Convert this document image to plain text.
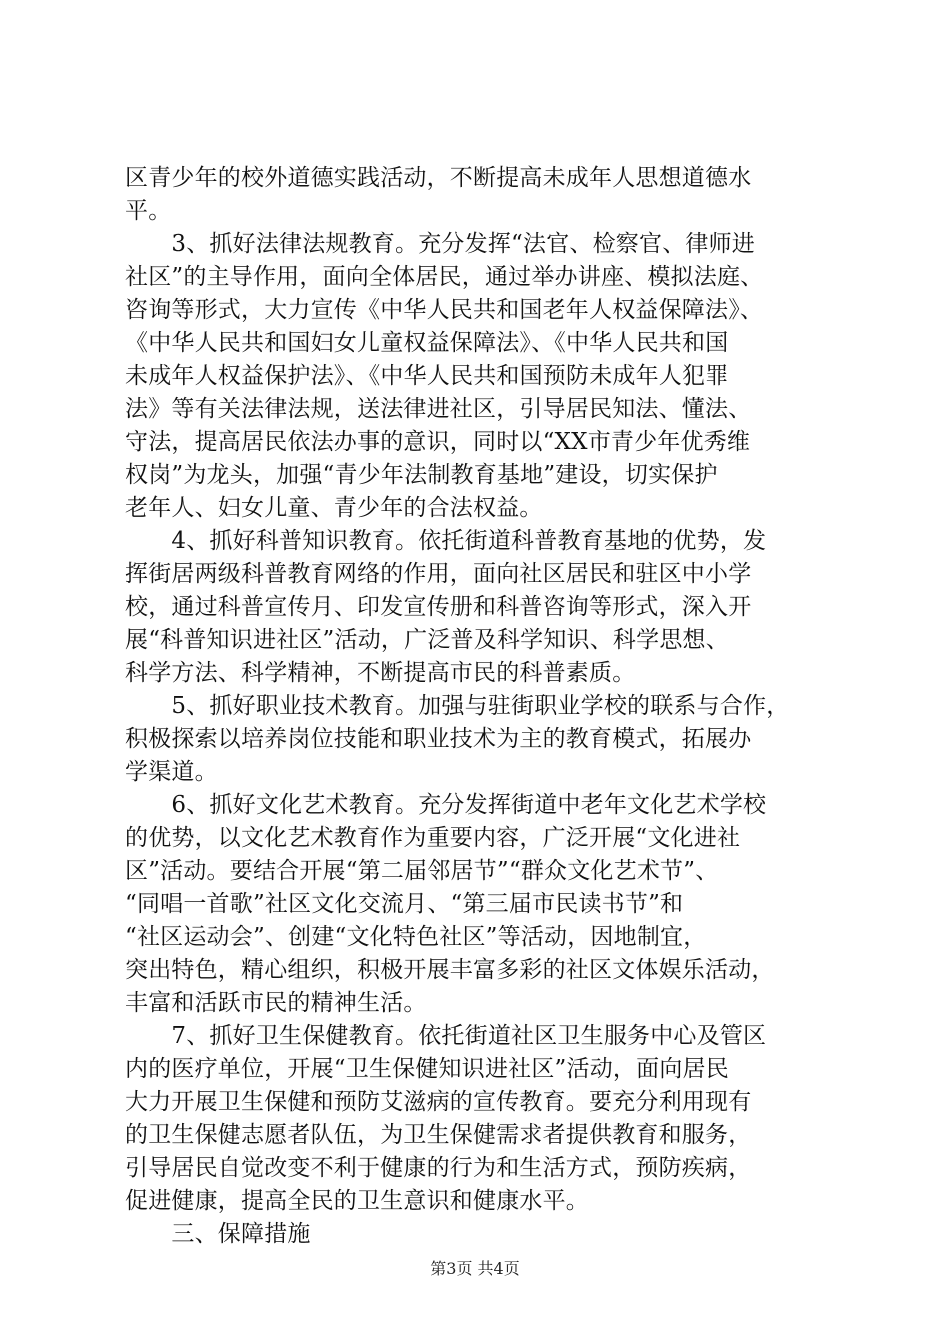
区青少年的校外道德实践活动，不断提高未成年人思想道德水
平。
　　3、抓好法律法规教育。充分发挥“法官、检察官、律师进
社区”的主导作用，面向全体居民，通过举办讲座、模拟法庭、
咨询等形式，大力宣传《中华人民共和国老年人权益保障法》、
《中华人民共和国妇女儿童权益保障法》、《中华人民共和国
未成年人权益保护法》、《中华人民共和国预防未成年人犯罪
法》等有关法律法规，送法律进社区，引导居民知法、懂法、
守法，提高居民依法办事的意识，同时以“XX市青少年优秀维
权岗”为龙头，加强“青少年法制教育基地”建设，切实保护
老年人、妇女儿童、青少年的合法权益。
　　4、抓好科普知识教育。依托街道科普教育基地的优势，发
挥街居两级科普教育网络的作用，面向社区居民和驻区中小学
校，通过科普宣传月、印发宣传册和科普咨询等形式，深入开
展“科普知识进社区”活动，广泛普及科学知识、科学思想、
科学方法、科学精神，不断提高市民的科普素质。
　　5、抓好职业技术教育。加强与驻街职业学校的联系与合作，
积极探索以培养岗位技能和职业技术为主的教育模式，拓展办
学渠道。
　　6、抓好文化艺术教育。充分发挥街道中老年文化艺术学校
的优势，以文化艺术教育作为重要内容，广泛开展“文化进社
区”活动。要结合开展“第二届邻居节”“群众文化艺术节”、
“同唱一首歌”社区文化交流月、“第三届市民读书节”和
“社区运动会”、创建“文化特色社区”等活动，因地制宜，
突出特色，精心组织，积极开展丰富多彩的社区文体娱乐活动，
丰富和活跃市民的精神生活。
　　7、抓好卫生保健教育。依托街道社区卫生服务中心及管区
内的医疗单位，开展“卫生保健知识进社区”活动，面向居民
大力开展卫生保健和预防艾滋病的宣传教育。要充分利用现有
的卫生保健志愿者队伍，为卫生保健需求者提供教育和服务，
引导居民自觉改变不利于健康的行为和生活方式，预防疾病，
促进健康，提高全民的卫生意识和健康水平。
　　三、保障措施
第3页 共4页
